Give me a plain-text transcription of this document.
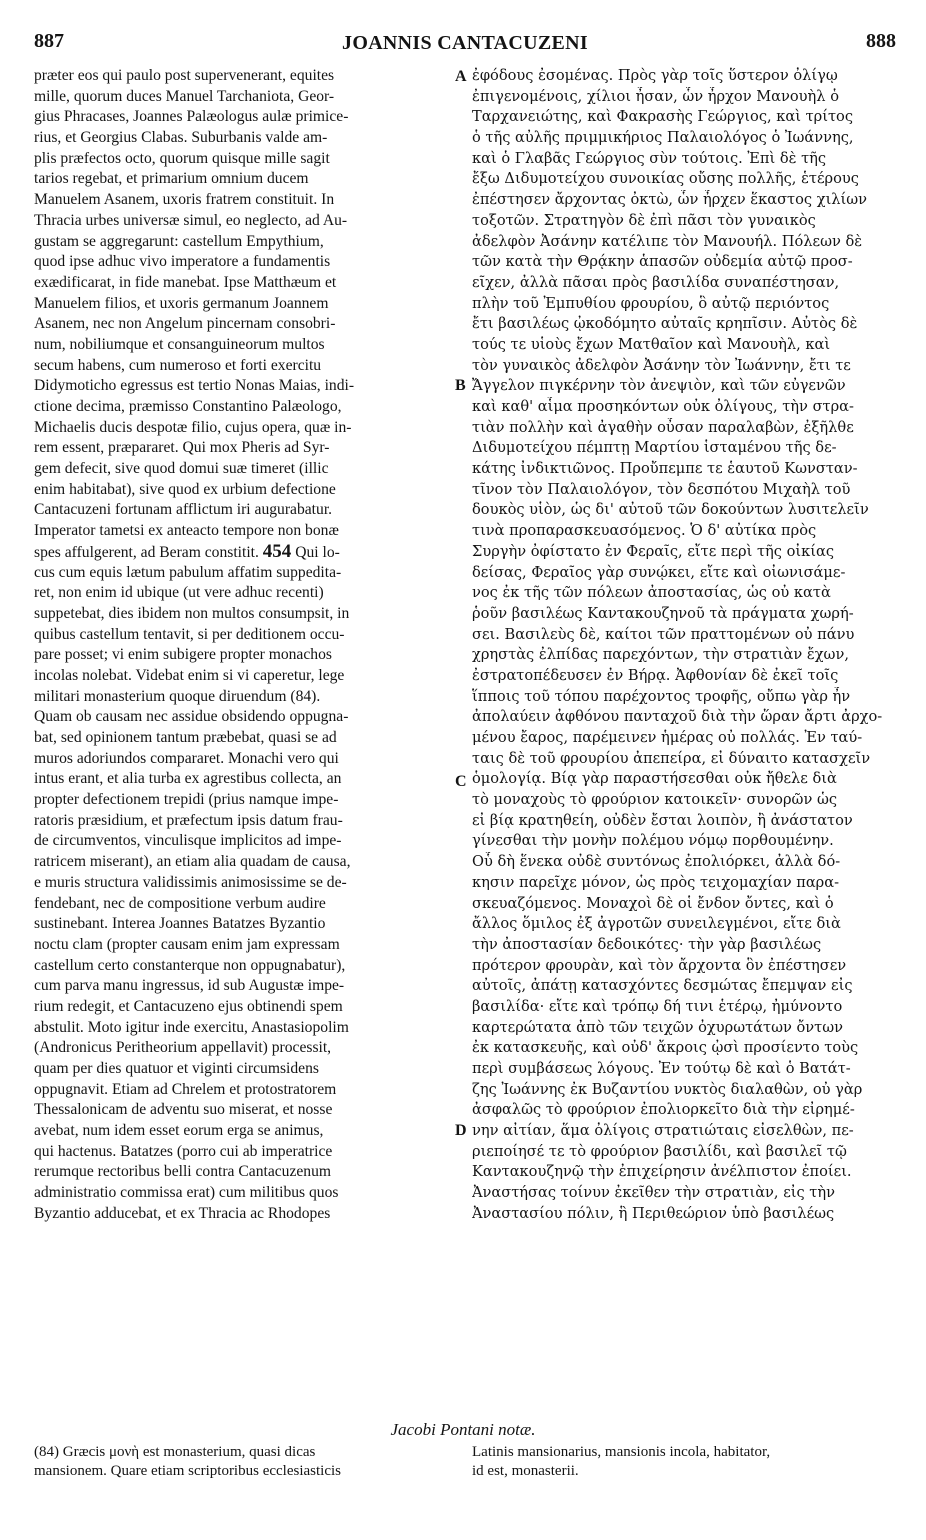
887	JOANNIS CANTACUZENI	888
A
B
C
D
præter eos qui paulo post supervenerant, equites
mille, quorum duces Manuel Tarchaniota, Geor-
gius Phracases, Joannes Palæologus aulæ primice-
rius, et Georgius Clabas. Suburbanis valde am-
plis præfectos octo, quorum quisque mille sagit
tarios regebat, et primarium omnium ducem
Manuelem Asanem, uxoris fratrem constituit. In
Thracia urbes universæ simul, eo neglecto, ad Au-
gustam se aggregarunt: castellum Empythium,
quod ipse adhuc vivo imperatore a fundamentis
exædificarat, in fide manebat. Ipse Matthæum et
Manuelem filios, et uxoris germanum Joannem
Asanem, nec non Angelum pincernam consobri-
num, nobiliumque et consanguineorum multos
secum habens, cum numeroso et forti exercitu
Didymoticho egressus est tertio Nonas Maias, indi-
ctione decima, præmisso Constantino Palæologo,
Michaelis ducis despotæ filio, cujus opera, quæ in-
rem essent, præpararet. Qui mox Pheris ad Syr-
gem defecit, sive quod domui suæ timeret (illic
enim habitabat), sive quod ex urbium defectione
Cantacuzeni fortunam afflictum iri augurabatur.
Imperator tametsi ex anteacto tempore non bonæ
spes affulgerent, ad Beram constitit. 454 Qui lo-
cus cum equis lætum pabulum affatim suppedita-
ret, non enim id ubique (ut vere adhuc recenti)
suppetebat, dies ibidem non multos consumpsit, in
quibus castellum tentavit, si per deditionem occu-
pare posset; vi enim subigere propter monachos
incolas nolebat. Videbat enim si vi caperetur, lege
militari monasterium quoque diruendum (84).
Quam ob causam nec assidue obsidendo oppugna-
bat, sed opinionem tantum præbebat, quasi se ad
muros adoriundos compararet. Monachi vero qui
intus erant, et alia turba ex agrestibus collecta, an
propter defectionem trepidi (prius namque impe-
ratoris præsidium, et præfectum ipsis datum frau-
de circumventos, vinculisque implicitos ad impe-
ratricem miserant), an etiam alia quadam de causa,
e muris structura validissimis animosissime se de-
fendebant, nec de compositione verbum audire
sustinebant. Interea Joannes Batatzes Byzantio
noctu clam (propter causam enim jam expressam
castellum certo constanterque non oppugnabatur),
cum parva manu ingressus, id sub Augustæ impe-
rium redegit, et Cantacuzeno ejus obtinendi spem
abstulit. Moto igitur inde exercitu, Anastasiopolim
(Andronicus Peritheorium appellavit) processit,
quam per dies quatuor et viginti circumsidens
oppugnavit. Etiam ad Chrelem et protostratorem
Thessalonicam de adventu suo miserat, et nosse
avebat, num idem esset eorum erga se animus,
qui hactenus. Batatzes (porro cui ab imperatrice
rerumque rectoribus belli contra Cantacuzenum
administratio commissa erat) cum militibus quos
Byzantio adducebat, et ex Thracia ac Rhodopes
ἐφόδους ἐσομένας. Πρὸς γὰρ τοῖς ὕστερον ὀλίγῳ
ἐπιγενομένοις, χίλιοι ἦσαν, ὧν ἦρχον Μανουὴλ ὁ
Ταρχανειώτης, καὶ Φακρασὴς Γεώργιος, καὶ τρίτος
ὁ τῆς αὐλῆς πριμμικήριος Παλαιολόγος ὁ Ἰωάννης,
καὶ ὁ Γλαβᾶς Γεώργιος σὺν τούτοις. Ἐπὶ δὲ τῆς
ἔξω Διδυμοτείχου συνοικίας οὔσης πολλῆς, ἑτέρους
ἐπέστησεν ἄρχοντας ὀκτὼ, ὧν ἦρχεν ἕκαστος χιλίων
τοξοτῶν. Στρατηγὸν δὲ ἐπὶ πᾶσι τὸν γυναικὸς
ἀδελφὸν Ἀσάνην κατέλιπε τὸν Μανουήλ. Πόλεων δὲ
τῶν κατὰ τὴν Θρᾴκην ἁπασῶν οὐδεμία αὐτῷ προσ-
εῖχεν, ἀλλὰ πᾶσαι πρὸς βασιλίδα συναπέστησαν,
πλὴν τοῦ Ἐμπυθίου φρουρίου, ὃ αὐτῷ περιόντος
ἔτι βασιλέως ᾠκοδόμητο αὐταῖς κρηπῖσιν. Αὐτὸς δὲ
τούς τε υἱοὺς ἔχων Ματθαῖον καὶ Μανουὴλ, καὶ
τὸν γυναικὸς ἀδελφὸν Ἀσάνην τὸν Ἰωάννην, ἔτι τε
Ἄγγελον πιγκέρνην τὸν ἀνεψιὸν, καὶ τῶν εὐγενῶν
καὶ καθ' αἷμα προσηκόντων οὐκ ὀλίγους, τὴν στρα-
τιὰν πολλὴν καὶ ἀγαθὴν οὖσαν παραλαβὼν, ἐξῆλθε
Διδυμοτείχου πέμπτῃ Μαρτίου ἱσταμένου τῆς δε-
κάτης ἰνδικτιῶνος. Προὔπεμπε τε ἑαυτοῦ Κωνσταν-
τῖνον τὸν Παλαιολόγον, τὸν δεσπότου Μιχαὴλ τοῦ
δουκὸς υἱὸν, ὡς δι' αὐτοῦ τῶν δοκούντων λυσιτελεῖν
τινὰ προπαρασκευασόμενος. Ὁ δ' αὐτίκα πρὸς
Συργὴν ὀφίστατο ἐν Φεραῖς, εἴτε περὶ τῆς οἰκίας
δείσας, Φεραῖος γὰρ συνῴκει, εἴτε καὶ οἰωνισάμε-
νος ἐκ τῆς τῶν πόλεων ἀποστασίας, ὡς οὐ κατὰ
ῥοῦν βασιλέως Καντακουζηνοῦ τὰ πράγματα χωρή-
σει. Βασιλεὺς δὲ, καίτοι τῶν πραττομένων οὐ πάνυ
χρηστὰς ἐλπίδας παρεχόντων, τὴν στρατιὰν ἔχων,
ἐστρατοπέδευσεν ἐν Βήρᾳ. Ἀφθονίαν δὲ ἐκεῖ τοῖς
ἵπποις τοῦ τόπου παρέχοντος τροφῆς, οὔπω γὰρ ἦν
ἀπολαύειν ἀφθόνου πανταχοῦ διὰ τὴν ὥραν ἄρτι ἀρχο-
μένου ἔαρος, παρέμεινεν ἡμέρας οὐ πολλάς. Ἐν ταύ-
ταις δὲ τοῦ φρουρίου ἀπεπείρα, εἰ δύναιτο κατασχεῖν
ὁμολογίᾳ. Βίᾳ γὰρ παραστήσεσθαι οὐκ ἤθελε διὰ
τὸ μοναχοὺς τὸ φρούριον κατοικεῖν· συνορῶν ὡς
εἰ βίᾳ κρατηθείη, οὐδὲν ἔσται λοιπὸν, ἢ ἀνάστατον
γίνεσθαι τὴν μονὴν πολέμου νόμῳ πορθουμένην.
Οὗ δὴ ἕνεκα οὐδὲ συντόνως ἐπολιόρκει, ἀλλὰ δό-
κησιν παρεῖχε μόνον, ὡς πρὸς τειχομαχίαν παρα-
σκευαζόμενος. Μοναχοὶ δὲ οἱ ἔνδον ὄντες, καὶ ὁ
ἄλλος ὅμιλος ἐξ ἀγροτῶν συνειλεγμένοι, εἴτε διὰ
τὴν ἀποστασίαν δεδοικότες· τὴν γὰρ βασιλέως
πρότερον φρουρὰν, καὶ τὸν ἄρχοντα ὃν ἐπέστησεν
αὐτοῖς, ἀπάτῃ κατασχόντες δεσμώτας ἔπεμψαν εἰς
βασιλίδα· εἴτε καὶ τρόπῳ δή τινι ἑτέρῳ, ἠμύνοντο
καρτερώτατα ἀπὸ τῶν τειχῶν ὀχυρωτάτων ὄντων
ἐκ κατασκευῆς, καὶ οὐδ' ἄκροις ᾠσὶ προσίεντο τοὺς
περὶ συμβάσεως λόγους. Ἐν τούτῳ δὲ καὶ ὁ Βατάτ-
ζης Ἰωάννης ἐκ Βυζαντίου νυκτὸς διαλαθὼν, οὐ γὰρ
ἀσφαλῶς τὸ φρούριον ἐπολιορκεῖτο διὰ τὴν εἰρημέ-
νην αἰτίαν, ἅμα ὀλίγοις στρατιώταις εἰσελθὼν, πε-
ριεποίησέ τε τὸ φρούριον βασιλίδι, καὶ βασιλεῖ τῷ
Καντακουζηνῷ τὴν ἐπιχείρησιν ἀνέλπιστον ἐποίει.
Ἀναστήσας τοίνυν ἐκεῖθεν τὴν στρατιὰν, εἰς τὴν
Ἀναστασίου πόλιν, ἣ Περιθεώριον ὑπὸ βασιλέως
Jacobi Pontani notæ.
(84) Græcis μονὴ est monasterium, quasi dicas
mansionem. Quare etiam scriptoribus ecclesiasticis
Latinis mansionarius, mansionis incola, habitator,
id est, monasterii.
